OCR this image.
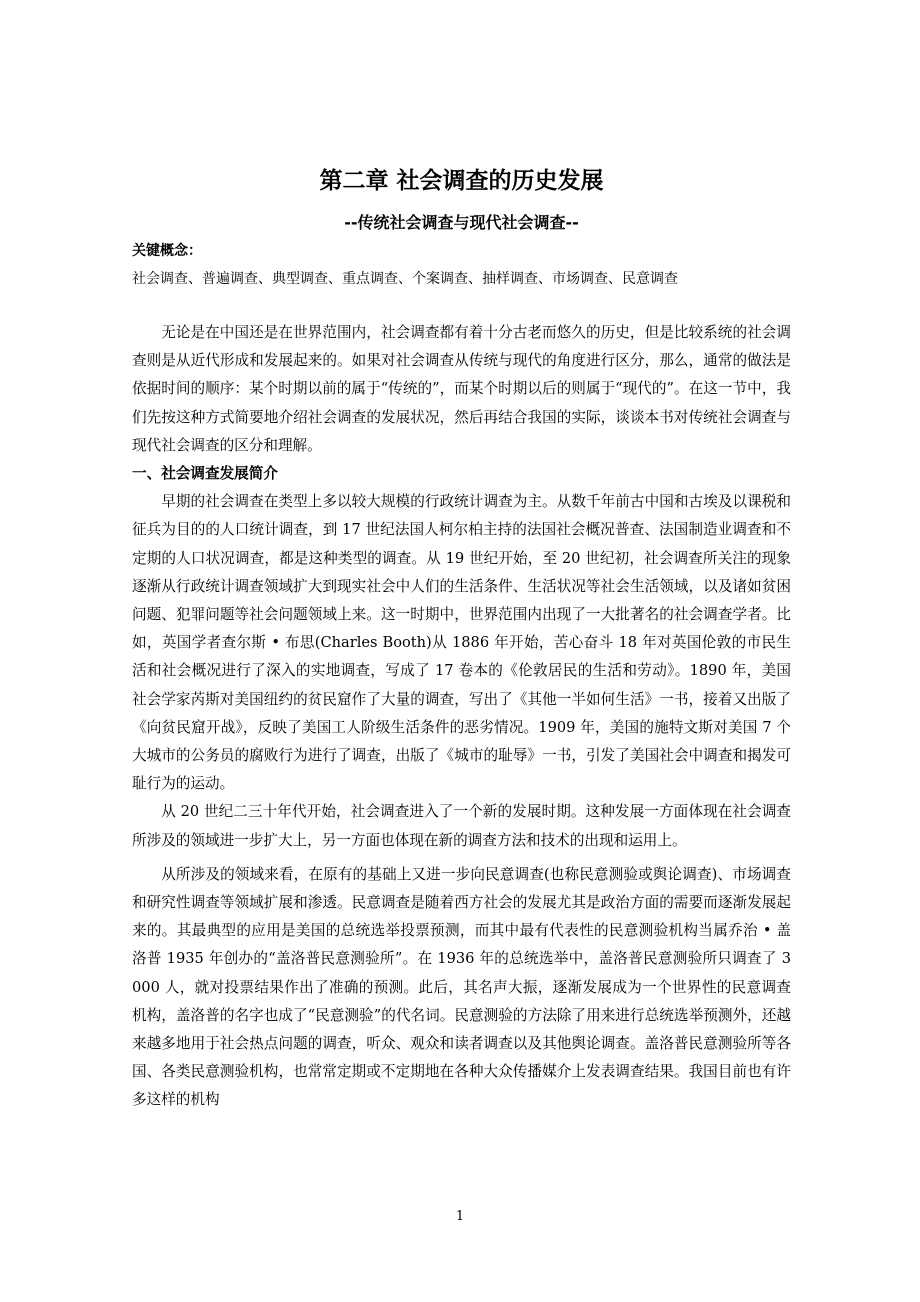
第二章 社会调查的历史发展
--传统社会调查与现代社会调查--

关键概念：

社会调查、普遍调查、典型调查、重点调查、个案调查、抽样调查、市场调查、民意调查

无论是在中国还是在世界范围内，社会调查都有着十分古老而悠久的历史，但是比较系统的社会调查则是从近代形成和发展起来的。如果对社会调查从传统与现代的角度进行区分，那么，通常的做法是依据时间的顺序：某个时期以前的属于“传统的”，而某个时期以后的则属于“现代的”。在这一节中，我们先按这种方式简要地介绍社会调查的发展状况，然后再结合我国的实际，谈谈本书对传统社会调查与现代社会调查的区分和理解。

一、社会调查发展简介

早期的社会调查在类型上多以较大规模的行政统计调查为主。从数千年前古中国和古埃及以课税和征兵为目的的人口统计调查，到 17 世纪法国人柯尔柏主持的法国社会概况普查、法国制造业调查和不定期的人口状况调查，都是这种类型的调查。从 19 世纪开始，至 20 世纪初，社会调查所关注的现象逐渐从行政统计调查领域扩大到现实社会中人们的生活条件、生活状况等社会生活领域，以及诸如贫困问题、犯罪问题等社会问题领域上来。这一时期中，世界范围内出现了一大批著名的社会调查学者。比如，英国学者查尔斯 • 布思(Charles Booth)从 1886 年开始，苦心奋斗 18 年对英国伦敦的市民生活和社会概况进行了深入的实地调查，写成了 17 卷本的《伦敦居民的生活和劳动》。1890 年，美国社会学家芮斯对美国纽约的贫民窟作了大量的调查，写出了《其他一半如何生活》一书，接着又出版了《向贫民窟开战》，反映了美国工人阶级生活条件的恶劣情况。1909 年，美国的施特文斯对美国 7 个大城市的公务员的腐败行为进行了调查，出版了《城市的耻辱》一书，引发了美国社会中调查和揭发可耻行为的运动。

从 20 世纪二三十年代开始，社会调查进入了一个新的发展时期。这种发展一方面体现在社会调查所涉及的领域进一步扩大上，另一方面也体现在新的调查方法和技术的出现和运用上。

从所涉及的领域来看，在原有的基础上又进一步向民意调查(也称民意测验或舆论调查)、市场调查和研究性调查等领域扩展和渗透。民意调查是随着西方社会的发展尤其是政治方面的需要而逐渐发展起来的。其最典型的应用是美国的总统选举投票预测，而其中最有代表性的民意测验机构当属乔治 • 盖洛普 1935 年创办的“盖洛普民意测验所”。在 1936 年的总统选举中，盖洛普民意测验所只调查了 3 000 人，就对投票结果作出了准确的预测。此后，其名声大振，逐渐发展成为一个世界性的民意调查机构，盖洛普的名字也成了“民意测验”的代名词。民意测验的方法除了用来进行总统选举预测外，还越来越多地用于社会热点问题的调查，听众、观众和读者调查以及其他舆论调查。盖洛普民意测验所等各国、各类民意测验机构，也常常定期或不定期地在各种大众传播媒介上发表调查结果。我国目前也有许多这样的机构

1
